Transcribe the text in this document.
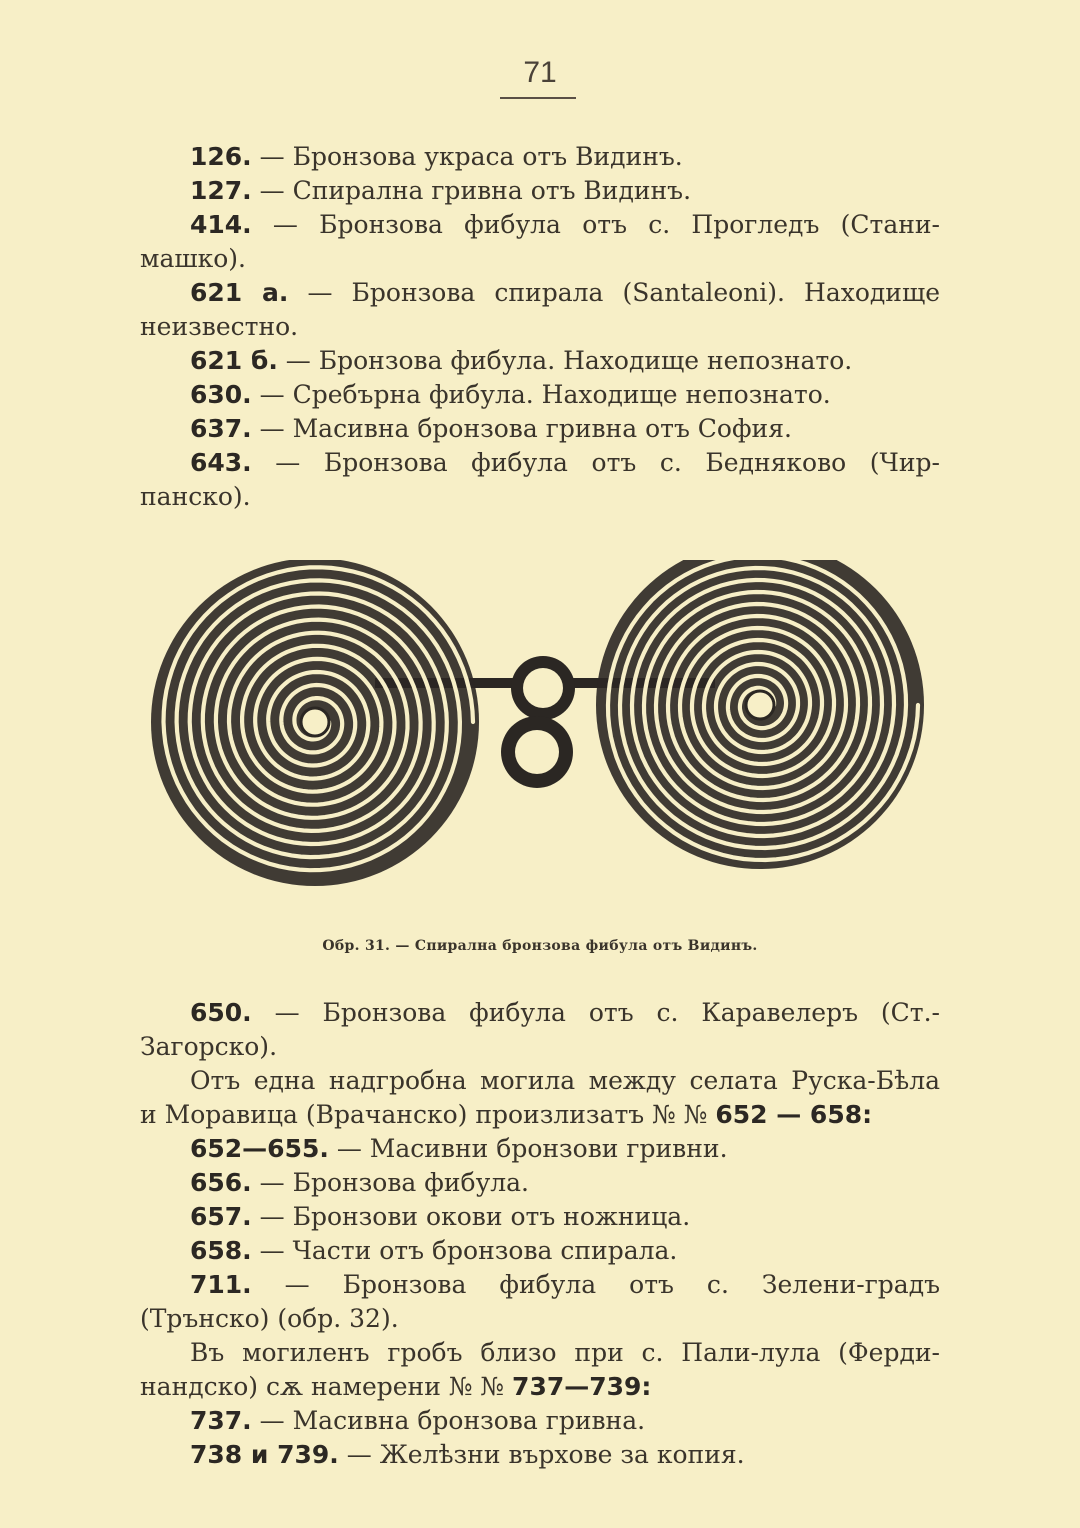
71
126. — Бронзова украса отъ Видинъ.
127. — Спирална гривна отъ Видинъ.
414. — Бронзова фибула отъ с. Прогледъ (Стани-
машко).
621 а. — Бронзова спирала (Santaleoni). Находище
неизвестно.
621 б. — Бронзова фибула. Находище непознато.
630. — Сребърна фибула. Находище непознато.
637. — Масивна бронзова гривна отъ София.
643. — Бронзова фибула отъ с. Бедняково (Чир-
панско).
Обр. 31. — Спирална бронзова фибула отъ Видинъ.
650. — Бронзова фибула отъ с. Каравелеръ (Ст.-
Загорско).
Отъ една надгробна могила между селата Руска-Бѣла
и Моравица (Врачанско) произлизатъ № № 652 — 658:
652—655. — Масивни бронзови гривни.
656. — Бронзова фибула.
657. — Бронзови окови отъ ножница.
658. — Части отъ бронзова спирала.
711. — Бронзова фибула отъ с. Зелени-градъ
(Трънско) (обр. 32).
Въ могиленъ гробъ близо при с. Пали-лула (Ферди-
нандско) сѫ намерени № № 737—739:
737. — Масивна бронзова гривна.
738 и 739. — Желѣзни върхове за копия.
